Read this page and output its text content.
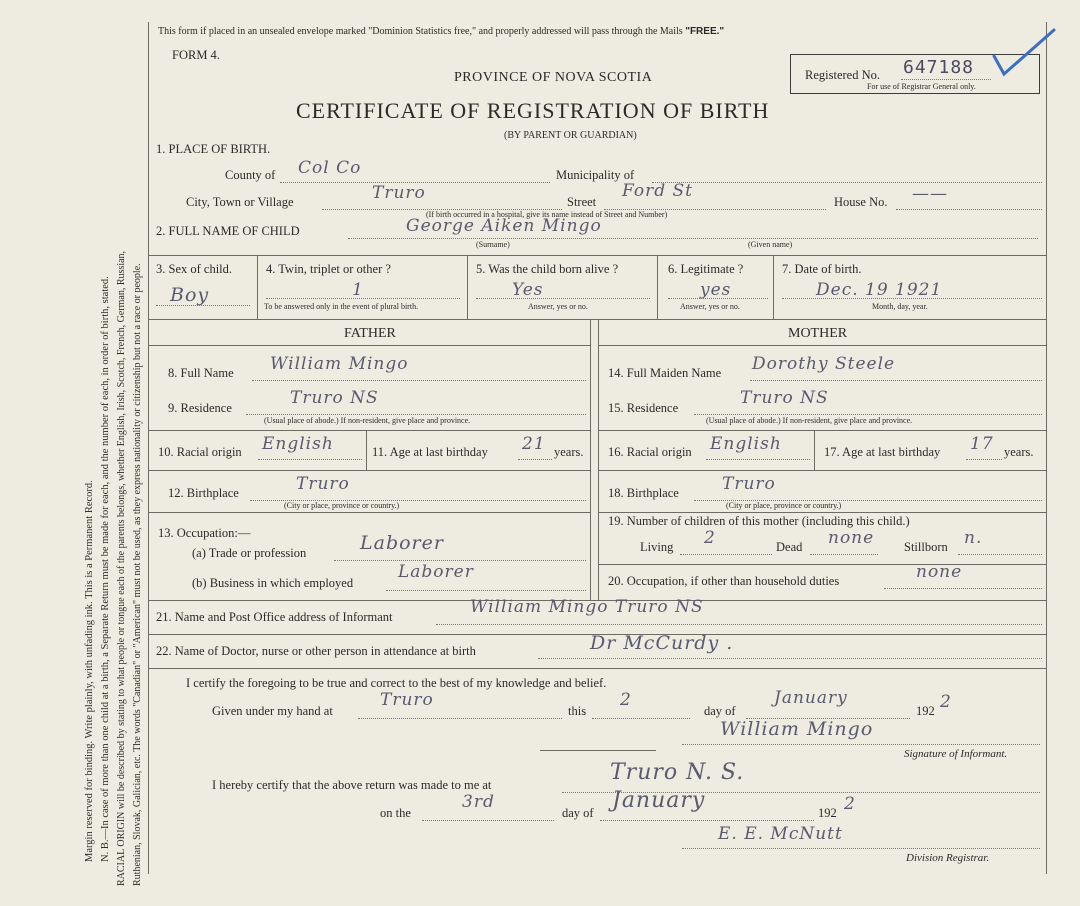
Margin reserved for binding. Write plainly, with unfading ink. This is a Permanent Record. N. B.—In case of more than one child at a birth, a Separate Return must be made for each, and the number of each, in order of birth, stated. RACIAL ORIGIN will be described by stating to what people or tongue each of the parents belongs, whether English, Irish, Scotch, French, German, Russian, Ruthenian, Slovak, Galician, etc. The words "Canadian" or "American" must not be used, as they express nationality or citizenship but not a race or people.
This form if placed in an unsealed envelope marked "Dominion Statistics free," and properly addressed will pass through the Mails "FREE."
FORM 4.
PROVINCE OF NOVA SCOTIA
CERTIFICATE OF REGISTRATION OF BIRTH
(BY PARENT OR GUARDIAN)
Registered No. 647188
For use of Registrar General only.
1. PLACE OF BIRTH.
County of Col Co	Municipality of
City, Town or Village	Truro	Street
Ford St
House No. ——
(If birth occurred in a hospital, give its name instead of Street and Number)
2. FULL NAME OF CHILD	George Aiken Mingo
(Surname)	(Given name)
3. Sex of child.
Boy
4. Twin, triplet or other ?
1
To be answered only in the event of plural birth.
5. Was the child born alive ?
Yes
Answer, yes or no.
6. Legitimate ?
yes
Answer, yes or no.
7. Date of birth.
Dec. 19 1921
Month, day, year.
FATHER	MOTHER
8. Full Name William Mingo
9. Residence	Truro NS
(Usual place of abode.) If non-resident, give place and province.
10. Racial origin English	11. Age at last birthday 21 years.
12. Birthplace	Truro
(City or place, province or country.)
13. Occupation:—
(a) Trade or profession	Laborer
(b) Business in which employed
Laborer
14. Full Maiden Name Dorothy Steele
15. Residence	Truro NS
(Usual place of abode.) If non-resident, give place and province.
16. Racial origin English	17. Age at last birthday 17 years.
18. Birthplace	Truro
(City or place, province or country.)
19. Number of children of this mother (including this child.)
Living 2	Dead none Stillborn n.
20. Occupation, if other than household duties	none
21. Name and Post Office address of Informant	William Mingo Truro NS
22. Name of Doctor, nurse or other person in attendance at birth	Dr McCurdy .
I certify the foregoing to be true and correct to the best of my knowledge and belief.
Given under my hand at
Truro
this
2
day of
January
192 2
William Mingo
Signature of Informant.
I hereby certify that the above return was made to me at	Truro N. S.
on the
3rd
day of January	192 2
E. E. McNutt
Division Registrar.
